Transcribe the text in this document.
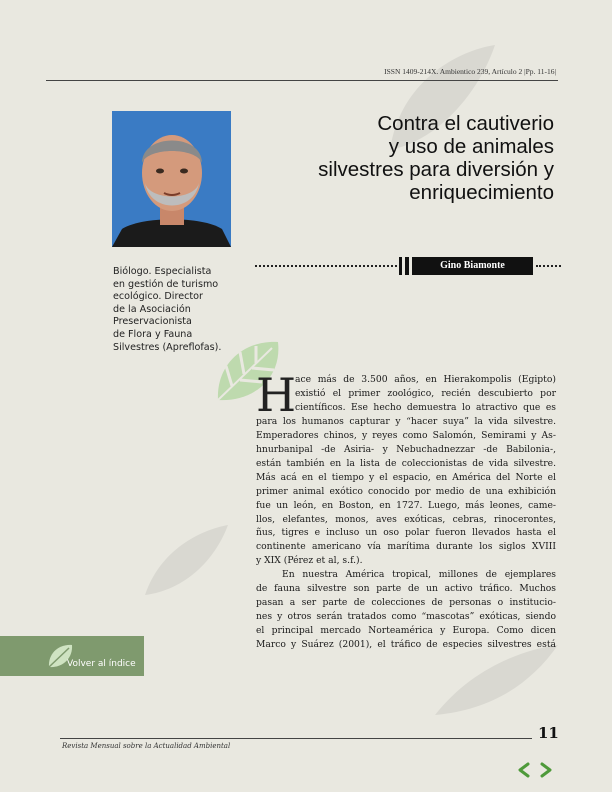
ISSN 1409-214X. Ambientico 239, Artículo 2 |Pp. 11-16|
Contra el cautiverio
y uso de animales
silvestres para diversión y
enriquecimiento
Gino Biamonte
Biólogo. Especialista
en gestión de turismo
ecológico. Director
de la Asociación
Preservacionista
de Flora y Fauna
Silvestres (Apreflofas).
H
ace más de 3.500 años, en Hierakompolis (Egipto)
existió el primer zoológico, recién descubierto por
científicos. Ese hecho demuestra lo atractivo que es
para los humanos capturar y “hacer suya” la vida silvestre.
Emperadores chinos, y reyes como Salomón, Semirami y As-
hnurbanipal -de Asiria- y Nebuchadnezzar -de Babilonia-,
están también en la lista de coleccionistas de vida silvestre.
Más acá en el tiempo y el espacio, en América del Norte el
primer animal exótico conocido por medio de una exhibición
fue un león, en Boston, en 1727. Luego, más leones, came-
llos, elefantes, monos, aves exóticas, cebras, rinocerontes,
ñus, tigres e incluso un oso polar fueron llevados hasta el
continente americano vía marítima durante los siglos XVIII
y XIX (Pérez et al, s.f.).
En nuestra América tropical, millones de ejemplares
de fauna silvestre son parte de un activo tráfico. Muchos
pasan a ser parte de colecciones de personas o institucio-
nes y otros serán tratados como “mascotas” exóticas, siendo
el principal mercado Norteamérica y Europa. Como dicen
Marco y Suárez (2001), el tráfico de especies silvestres está
Volver al índice
11
Revista Mensual sobre la Actualidad Ambiental
